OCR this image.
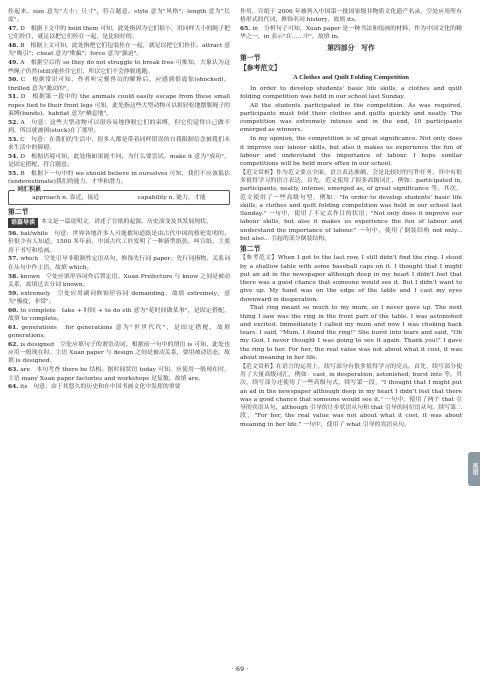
拴起来。size 意为"大小；尺寸"，符合题意。style 意为"风格"；length 意为"长度"。

47. D　根据下文中的 hold them 可知，此处指因为它们很小，用同样大小的绳子把它们拴住，就足以把它们拴在一起，是比较好的。

48. B　根据上文可知，此处指把它们包装拴在一起，就足以把它们拴住。attract 意为"吸引"；cheat 意为"欺骗"；force 意为"强迫"。

49. A　根据空后的 so they do not struggle to break free 可推知，大象认为这些绳子仍然(still)能拴住它们，所以它们不会挣脱逃跑。

50. C　根据常识可知，作者听完驯兽员的解释后，应感到很震惊(shocked)。thrilled 意为"激动的"。

51. D　根据第一段中的 the animals could easily escape from these small ropes tied to their front legs 可知，此处指这些大型动物可以很轻松地摆脱绳子的束缚(bonds)。habitat 意为"栖息地"。

52. A　句意：这些大型动物可以很容易地挣脱它们的束缚，但它们觉得自己做不到，所以就被困(stuck)在了那里。

53. C　句意：在我们的生活中，很多人都是带着同样错误的自我限制信念被我们未来生活中的障碍。

54. D　根据语境可知，此处指如果能不同，为什么要尝试。make it 意为"成功"，是固定搭配，符合题意。

55. B　根据下一句中的 we should believe in ourselves 可知，我们不应该低估(underestimate)我们的能力，才华和潜力。

词汇积累
approach n. 靠近，接近	capability n. 能力，才能
第二节
语篇导读	本文是一篇说明文，讲述了宣纸的起源、历史演变及其发展现状。

56. hat/while　句意：世界各地许多人可能都知道纸是由古代中国的蔡伦发明的，但很少有人知道，1500 多年前，中国古代工匠发明了一种新型纸张，叫宣纸，主要用于书写和绘画。

57. which　空处引导非限制性定语从句，修饰先行词 paper。先行词指物，关系词在从句中作主语，故填 which。

58. known　空处应填形容词作后置定语。Xuan Prefecture 与 know 之间是被动关系，故填过去分词 known。

59. extremely　空处应用副词修饰形容词 demanding，故填 extremely，意为"极度，非常"。

60. to complete　take + 时间 + to do sth 意为"花时间做某事"，是固定搭配，故填 to complete。

61. generations　for generations 意为"世世代代"，是固定搭配，故填 generations。

62. is designed　空处应填句子的谓语动词。根据前一句中的谓语 is 可知，此处也应用一般现在时。主语 Xuan paper 与 design 之间是被动关系，要用被动语态，故填 is designed。

63. are　本句考查 there be 结构。据时间状语 today 可知，应使用一般现在时，主语 many Xuan paper factories and workshops 是复数，故填 are。

64. its　句意：由于其悠久的历史和在中国书画文化中发挥的重要

作用，宣纸于 2006 年被列入中国第一批国家级非物质文化遗产名录。空处应用所有格形式的代词，修饰名词 history，故填 its。

65. in　分析句子可知，Xuan paper 是一种书法和绘画的材料，作为中国文化的精华之一，in 表示"在……中"，故填 in。

第四部分　写作
第一节
【参考范文】
A Clothes and Quilt Folding Competition

In order to develop students' basic life skills, a clothes and quilt folding competition was held in our school last Sunday.

All the students participated in the competition. As was required, participants must fold their clothes and quilts quickly and neatly. The competition was extremely intense and in the end, 10 participants emerged as winners.

In my opinion, the competition is of great significance. Not only does it improve our labour skills, but also it makes us experience the fun of labour and understand the importance of labour. I hope similar competitions will be held more often in our school.

【范文赏析】作为范文要点全面，语言表达准确，会是比较好的写作任务，其中有很多值得学习的语言表达。首先，范文使用了很多高级词汇，例如：participated in, participants, neatly, intense, emerged as, of great significance 等。其次，范文使用了一些高级句型，例如："In order to develop students' basic life skills, a clothes and quilt folding competition was held in our school last Sunday." 一句中，使用了不定式作目的状语；"Not only does it improve our labour skills, but also it makes us experience the fun of labour and understand the importance of labour." 一句中，使用了倒装结构 not only... but also... 引起的部分倒装结构。

第二节

【参考范文】When I got to the last row, I still didn't find the ring. I stood by a shallow table with some baseball caps on it. I thought that I might put an ad in the newspaper although deep in my heart I didn't feel that there was a good chance that someone would see it. But I didn't want to give up. My hand was on the edge of the table and I cast my eyes downward in desperation.

That ring meant so much to my mum, so I never gave up. The next thing I saw was the ring in the front part of the table. I was astonished and excited. Immediately I called my mum and now I was choking back tears. I said, "Mum, I found the ring!" She burst into tears and said, "Oh my God, I never thought I was going to see it again. Thank you!" I gave the ring to her. For her, the real value was not about what it cost, it was about meaning in her life.

【范文赏析】在语言的运用上，续写部分有很多值得学习的亮点。首先，续写部分使用了大量高级词汇，例如：cast, in desperation, astonished, burst into 等。其次，续写部分还使用了一些高级句式。续写第一段，"I thought that I might put an ad in the newspaper although deep in my heart I didn't feel that there was a good chance that someone would see it." 一句中，使用了两个 that 引导的宾语从句，although 引导的让步状语从句和 that 引导的同位语从句。续写第二段，"For her, the real value was not about what it cost, it was about meaning in her life." 一句中，使用了 what 引导的宾语从句。

英语
· 69 ·
